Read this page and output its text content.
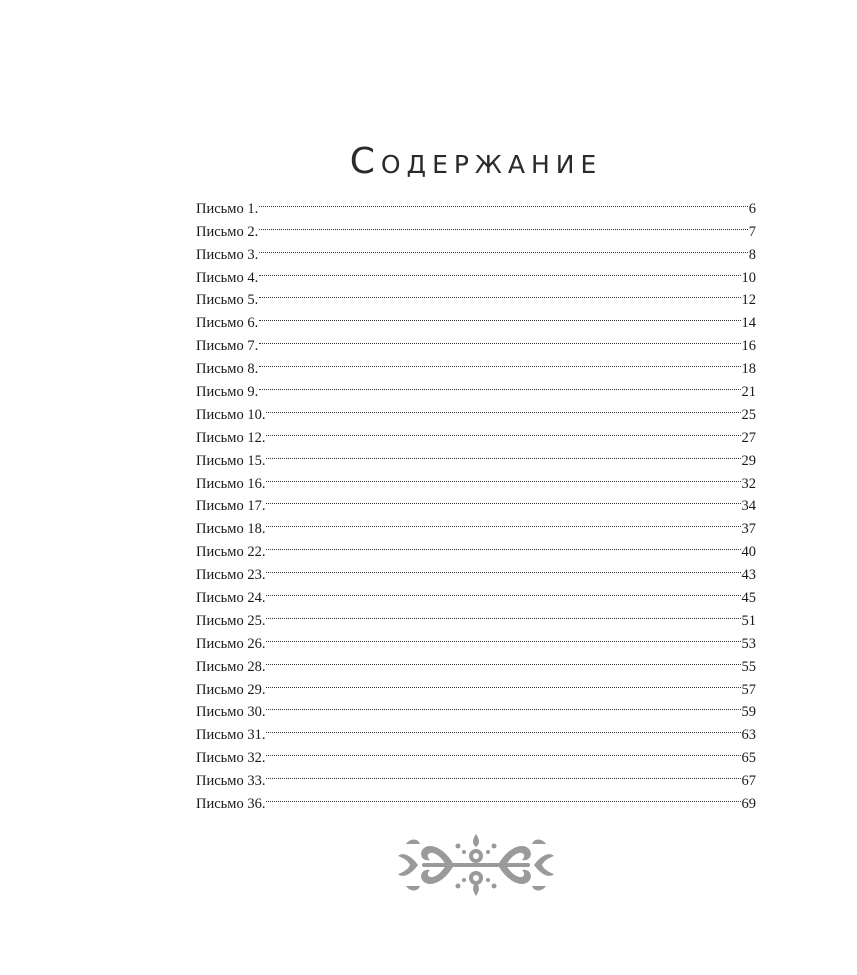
Содержание
Письмо 1.	6
Письмо 2.	7
Письмо 3.	8
Письмо 4.	10
Письмо 5.	12
Письмо 6.	14
Письмо 7.	16
Письмо 8.	18
Письмо 9.	21
Письмо 10.	25
Письмо 12.	27
Письмо 15.	29
Письмо 16.	32
Письмо 17.	34
Письмо 18.	37
Письмо 22.	40
Письмо 23.	43
Письмо 24.	45
Письмо 25.	51
Письмо 26.	53
Письмо 28.	55
Письмо 29.	57
Письмо 30.	59
Письмо 31.	63
Письмо 32.	65
Письмо 33.	67
Письмо 36.	69
